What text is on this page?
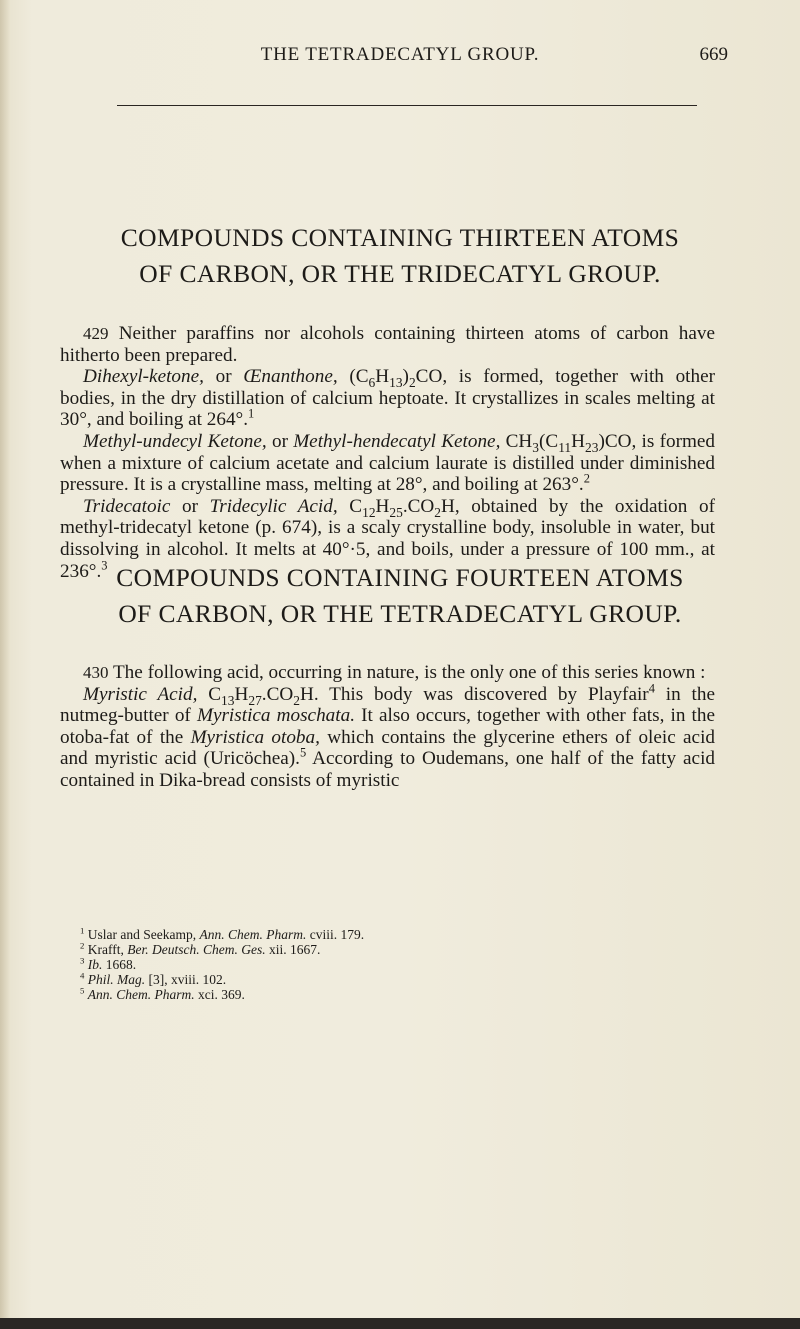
THE TETRADECATYL GROUP.	669
COMPOUNDS CONTAINING THIRTEEN ATOMS
OF CARBON, OR THE TRIDECATYL GROUP.

429 Neither paraffins nor alcohols containing thirteen atoms of carbon have hitherto been prepared.

Dihexyl-ketone, or Œnanthone, $(C_6H_{13})_2CO$, is formed, together with other bodies, in the dry distillation of calcium heptoate. It crystallizes in scales melting at 30°, and boiling at 264°.$^1$

Methyl-undecyl Ketone, or Methyl-hendecatyl Ketone, $CH_3(C_{11}H_{23})CO$, is formed when a mixture of calcium acetate and calcium laurate is distilled under diminished pressure. It is a crystalline mass, melting at 28°, and boiling at 263°.$^2$

Tridecatoic or Tridecylic Acid, $C_{12}H_{25}.CO_2H$, obtained by the oxidation of methyl-tridecatyl ketone (p. 674), is a scaly crystalline body, insoluble in water, but dissolving in alcohol. It melts at 40°·5, and boils, under a pressure of 100 mm., at 236°.$^3$ COMPOUNDS CONTAINING FOURTEEN ATOMS
OF CARBON, OR THE TETRADECATYL GROUP.

430 The following acid, occurring in nature, is the only one of this series known :

Myristic Acid, $C_{13}H_{27}.CO_2H$. This body was discovered by Playfair$^4$ in the nutmeg-butter of Myristica moschata. It also occurs, together with other fats, in the otoba-fat of the Myristica otoba, which contains the glycerine ethers of oleic acid and myristic acid (Uricöchea).$^5$ According to Oudemans, one half of the fatty acid contained in Dika-bread consists of myristic

$^1$ Uslar and Seekamp, Ann. Chem. Pharm. cviii. 179.
$^2$ Krafft, Ber. Deutsch. Chem. Ges. xii. 1667.
$^3$ Ib. 1668.
$^4$ Phil. Mag. [3], xviii. 102.
$^5$ Ann. Chem. Pharm. xci. 369.
